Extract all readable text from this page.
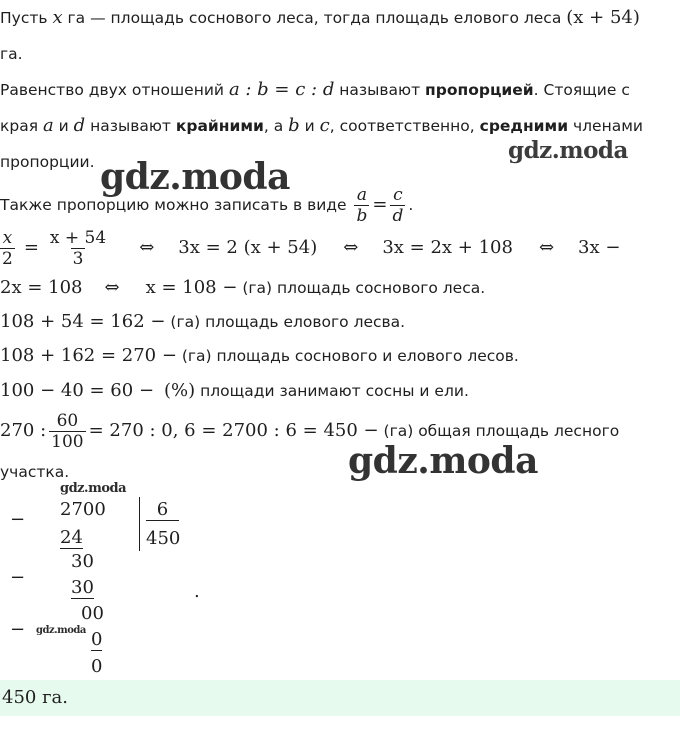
Пусть x га — площадь соснового леса, тогда площадь елового леса (x + 54)
га.
Равенство двух отношений a : b = c : d называют пропорцией. Стоящие с
края a и d называют крайними, а b и c, соответственно, средними членами
пропорции.
Также пропорцию можно записать в виде $\frac{a}{b} = \frac{c}{d}$ .
$\frac{x}{2} = \frac{x + 54}{3}$ ⇔ 3x = 2 (x + 54) ⇔ 3x = 2x + 108 ⇔ 3x −
2x = 108 ⇔ x = 108 − (га) площадь соснового леса.
108 + 54 = 162 − (га) площадь елового лесва.
108 + 162 = 270 − (га) площадь соснового и елового лесов.
100 − 40 = 60 − (%) площади занимают сосны и ели.
270 : $\frac{60}{100} = 270$ : 0, 6 = 2700 : 6 = 450 − (га) общая площадь лесного
участка.
− 2700
24
6
450
−
30
30	.
00
−	0
0
gdz.moda
gdz.moda
gdz.moda
gdz.moda
gdz.moda
450 га.
